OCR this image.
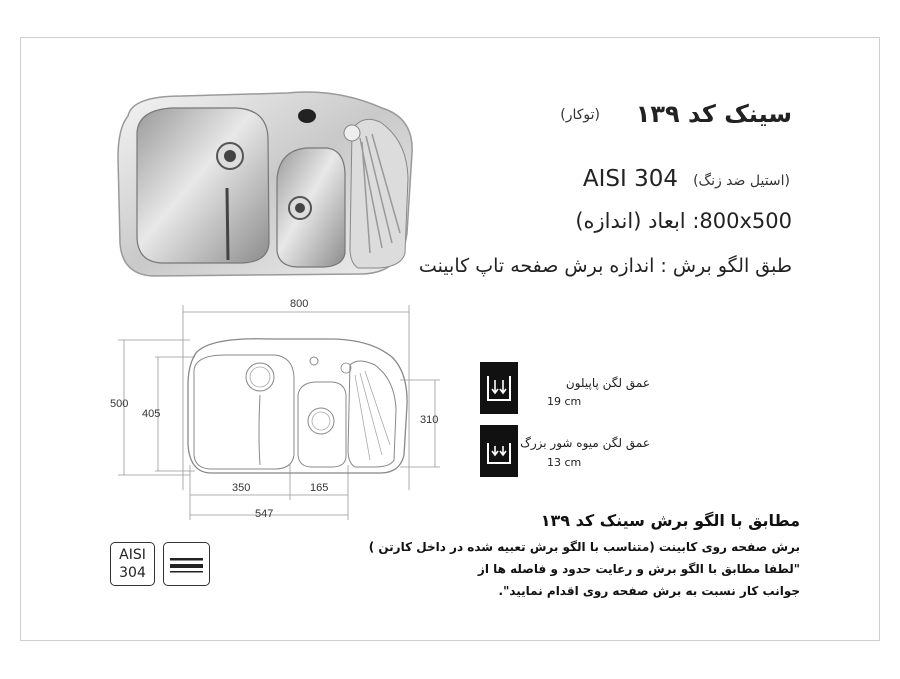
(توکار) سینک کد ۱۳۹
AISI 304 (استیل ضد زنگ)
800x500: ابعاد (اندازه)
طبق الگو برش : اندازه برش صفحه تاپ کابینت
800
500
405	310
350	165
547
عمق لگن پاپیلون
19 cm
عمق لگن میوه شور بزرگ
13 cm
مطابق با الگو برش سینک کد ۱۳۹
برش صفحه روی کابینت (متناسب با الگو برش تعبیه شده در داخل کارتن )
"لطفا مطابق با الگو برش و رعایت حدود و فاصله ها از
جوانب کار نسبت به برش صفحه روی اقدام نمایید".
AISI
304
